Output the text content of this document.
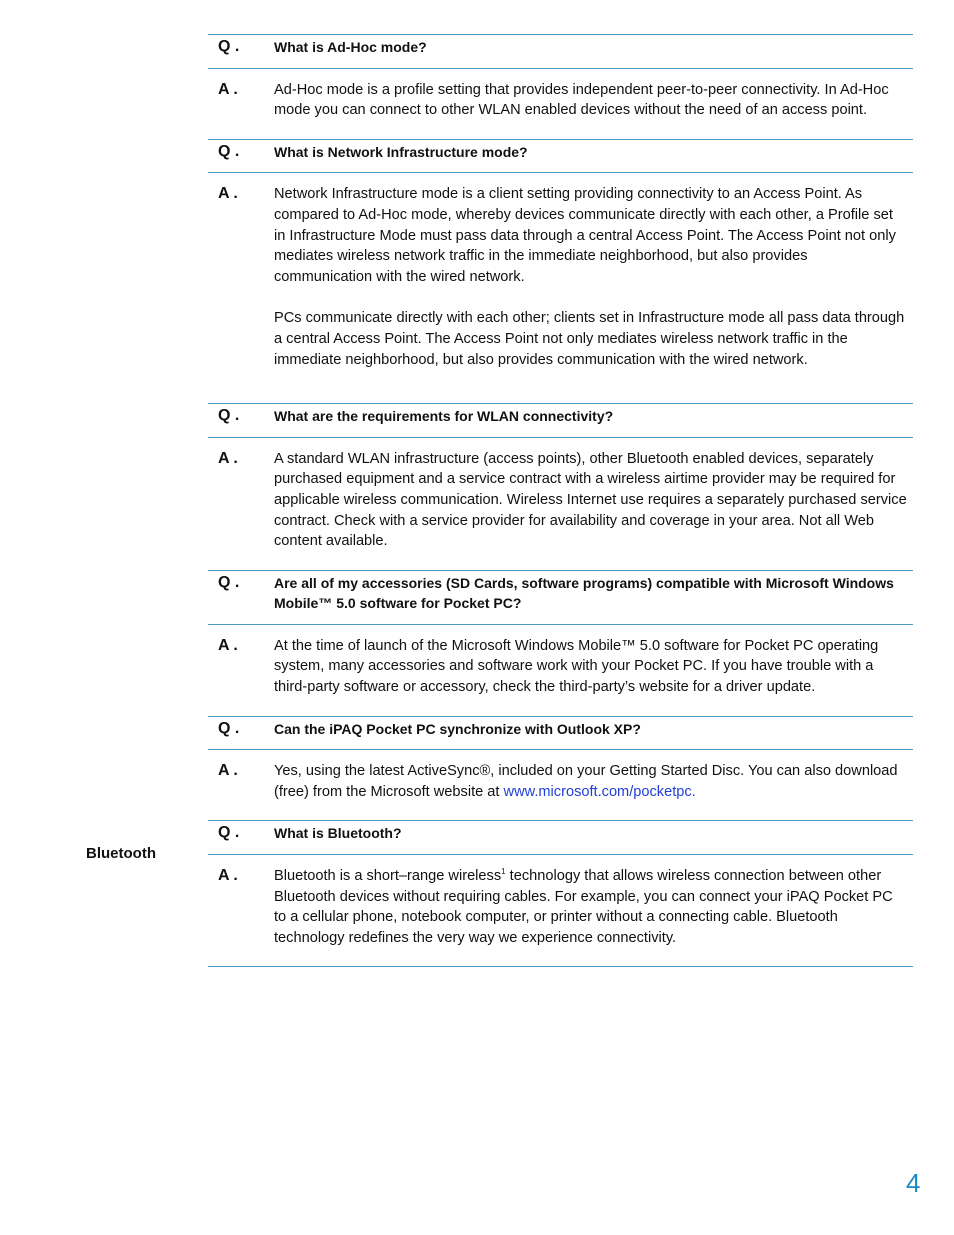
Bluetooth
Q .	What is Ad-Hoc mode?
A .	Ad-Hoc mode is a profile setting that provides independent peer-to-peer connectivity. In Ad-Hoc mode you can connect to other WLAN enabled devices without the need of an access point.

Q .	What is Network Infrastructure mode?
A .	Network Infrastructure mode is a client setting providing connectivity to an Access Point. As compared to Ad-Hoc mode, whereby devices communicate directly with each other, a Profile set in Infrastructure Mode must pass data through a central Access Point. The Access Point not only mediates wireless network traffic in the immediate neighborhood, but also provides communication with the wired network.

PCs communicate directly with each other; clients set in Infrastructure mode all pass data through a central Access Point. The Access Point not only mediates wireless network traffic in the immediate neighborhood, but also provides communication with the wired network.

Q .	What are the requirements for WLAN connectivity?
A .	A standard WLAN infrastructure (access points), other Bluetooth enabled devices, separately purchased equipment and a service contract with a wireless airtime provider may be required for applicable wireless communication. Wireless Internet use requires a separately purchased service contract. Check with a service provider for availability and coverage in your area. Not all Web content available.

Q .	Are all of my accessories (SD Cards, software programs) compatible with Microsoft Windows Mobile™ 5.0 software for Pocket PC?
A .	At the time of launch of the Microsoft Windows Mobile™ 5.0 software for Pocket PC operating system, many accessories and software work with your Pocket PC. If you have trouble with a third-party software or accessory, check the third-party’s website for a driver update.

Q .	Can the iPAQ Pocket PC synchronize with Outlook XP?
A .	Yes, using the latest ActiveSync®, included on your Getting Started Disc. You can also download (free) from the Microsoft website at www.microsoft.com/pocketpc.

Q .	What is Bluetooth?
A .	Bluetooth is a short–range wireless$^1$ technology that allows wireless connection between other Bluetooth devices without requiring cables. For example, you can connect your iPAQ Pocket PC to a cellular phone, notebook computer, or printer without a connecting cable. Bluetooth technology redefines the very way we experience connectivity.

4
